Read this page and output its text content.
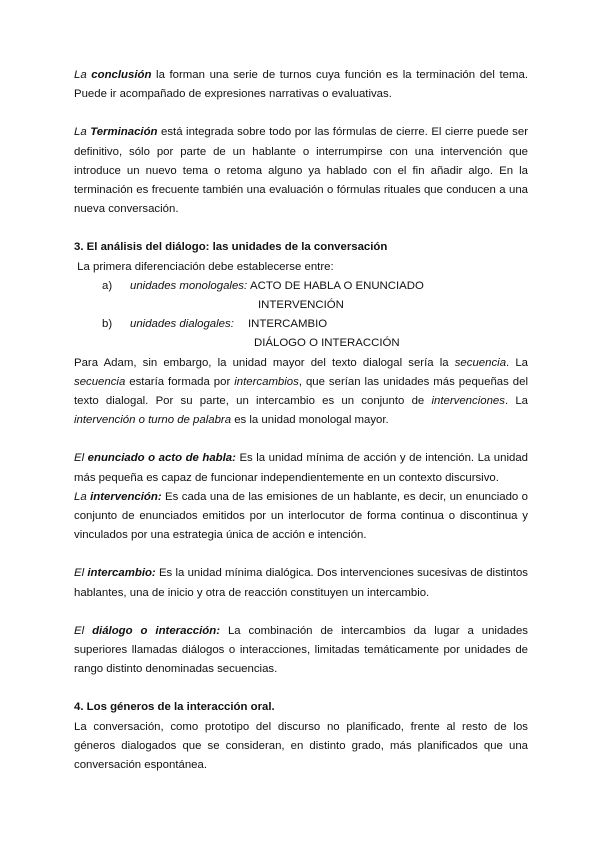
La conclusión la forman una serie de turnos cuya función es la terminación del tema. Puede ir acompañado de expresiones narrativas o evaluativas.

La Terminación está integrada sobre todo por las fórmulas de cierre. El cierre puede ser definitivo, sólo por parte de un hablante o interrumpirse con una intervención que introduce un nuevo tema o retoma alguno ya hablado con el fin añadir algo. En la terminación es frecuente también una evaluación o fórmulas rituales que conducen a una nueva conversación.

3. El análisis del diálogo: las unidades de la conversación

La primera diferenciación debe establecerse entre:

a) unidades monologales: ACTO DE HABLA O ENUNCIADO
INTERVENCIÓN
b) unidades dialogales: INTERCAMBIO
DIÁLOGO O INTERACCIÓN

Para Adam, sin embargo, la unidad mayor del texto dialogal sería la secuencia. La secuencia estaría formada por intercambios, que serían las unidades más pequeñas del texto dialogal. Por su parte, un intercambio es un conjunto de intervenciones. La intervención o turno de palabra es la unidad monologal mayor.

El enunciado o acto de habla: Es la unidad mínima de acción y de intención. La unidad más pequeña es capaz de funcionar independientemente en un contexto discursivo.

La intervención: Es cada una de las emisiones de un hablante, es decir, un enunciado o conjunto de enunciados emitidos por un interlocutor de forma continua o discontinua y vinculados por una estrategia única de acción e intención.

El intercambio: Es la unidad mínima dialógica. Dos intervenciones sucesivas de distintos hablantes, una de inicio y otra de reacción constituyen un intercambio.

El diálogo o interacción: La combinación de intercambios da lugar a unidades superiores llamadas diálogos o interacciones, limitadas temáticamente por unidades de rango distinto denominadas secuencias.

4. Los géneros de la interacción oral.

La conversación, como prototipo del discurso no planificado, frente al resto de los géneros dialogados que se consideran, en distinto grado, más planificados que una conversación espontánea.
